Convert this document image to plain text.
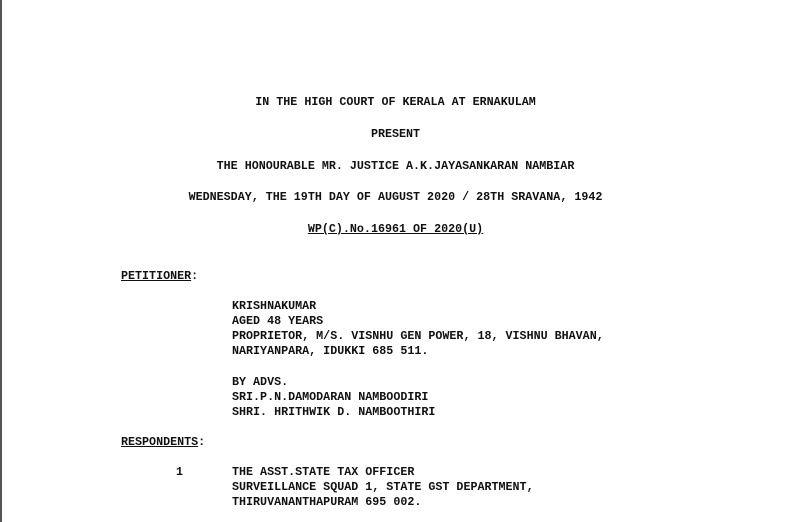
IN THE HIGH COURT OF KERALA AT ERNAKULAM
PRESENT
THE HONOURABLE MR. JUSTICE A.K.JAYASANKARAN NAMBIAR
WEDNESDAY, THE 19TH DAY OF AUGUST 2020 / 28TH SRAVANA, 1942
WP(C).No.16961 OF 2020(U)
PETITIONER:
KRISHNAKUMAR
AGED 48 YEARS
PROPRIETOR, M/S. VISNHU GEN POWER, 18, VISHNU BHAVAN,
NARIYANPARA, IDUKKI 685 511.
BY ADVS.
SRI.P.N.DAMODARAN NAMBOODIRI
SHRI. HRITHWIK D. NAMBOOTHIRI
RESPONDENTS:
1	THE ASST.STATE TAX OFFICER
SURVEILLANCE SQUAD 1, STATE GST DEPARTMENT,
THIRUVANANTHAPURAM 695 002.
